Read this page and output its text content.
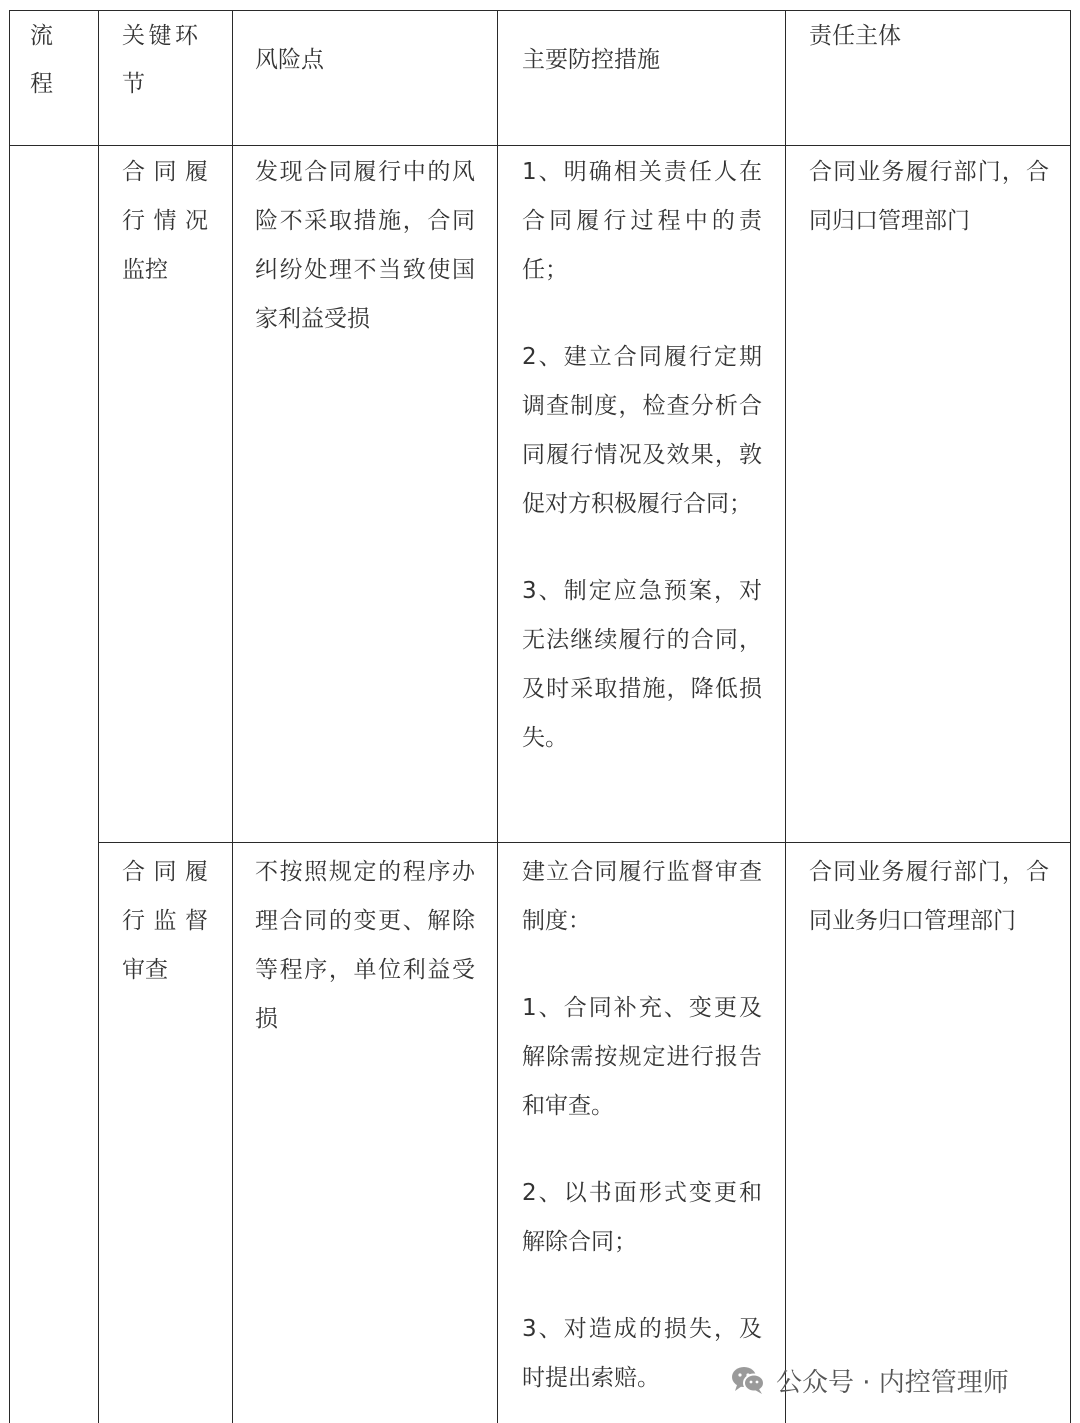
流程
关键环节
风险点	主要防控措施
责任主体
合同履行情况监控
发现合同履行中的风险不采取措施，合同纠纷处理不当致使国家利益受损

1、明确相关责任人在合同履行过程中的责任；

2、建立合同履行定期调查制度，检查分析合同履行情况及效果，敦促对方积极履行合同；

3、制定应急预案，对无法继续履行的合同，及时采取措施，降低损失。

合同业务履行部门，合同归口管理部门
合同履行监督审查
不按照规定的程序办理合同的变更、解除等程序，单位利益受损

建立合同履行监督审查制度：

1、合同补充、变更及解除需按规定进行报告和审查。

2、以书面形式变更和解除合同；

3、对造成的损失，及时提出索赔。

合同业务履行部门，合同业务归口管理部门
公众号 · 内控管理师
